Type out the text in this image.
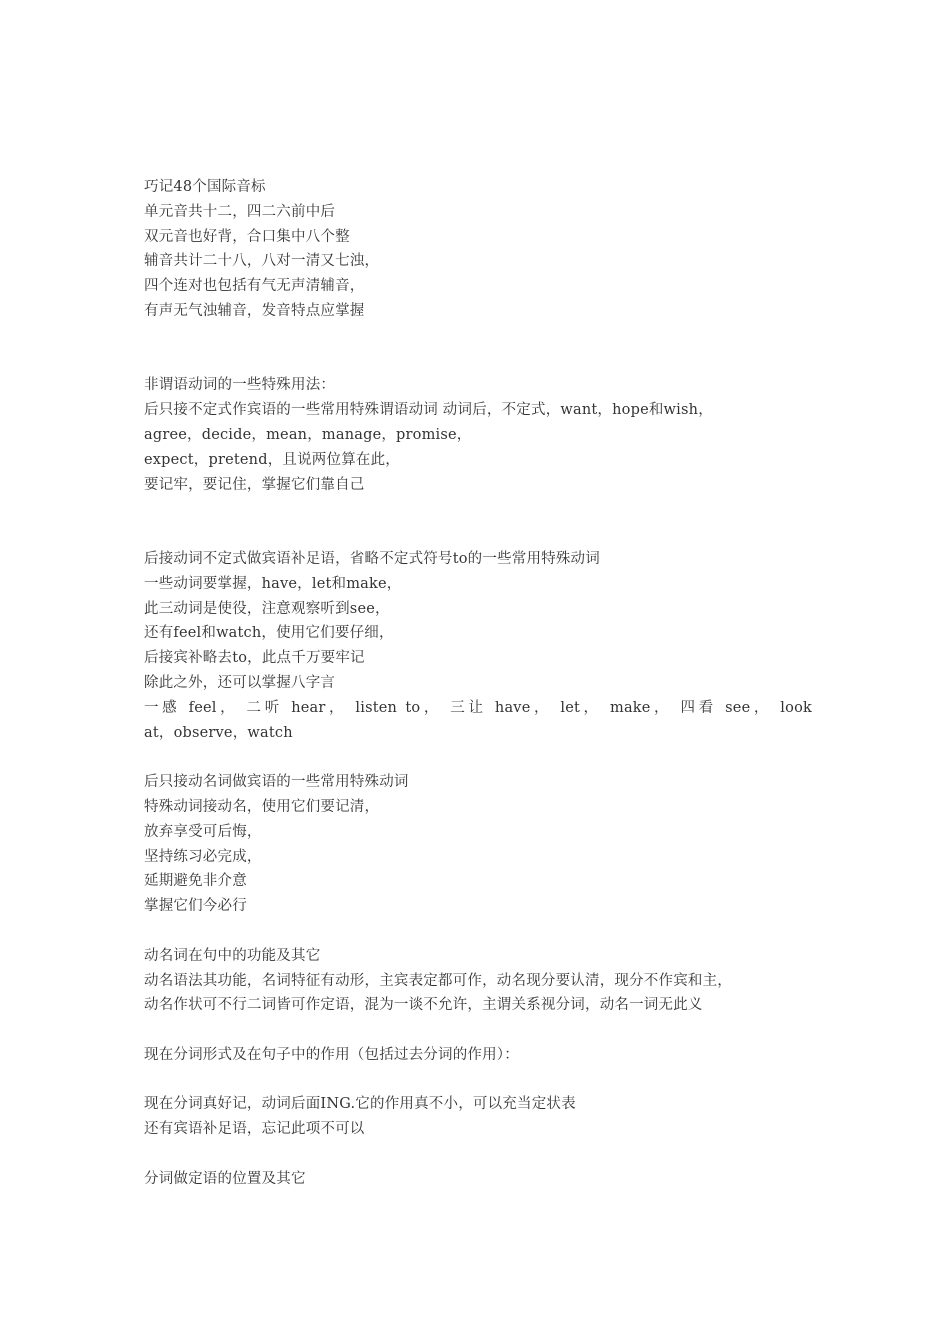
巧记48个国际音标
单元音共十二，四二六前中后
双元音也好背，合口集中八个整
辅音共计二十八，八对一清又七浊，
四个连对也包括有气无声清辅音，
有声无气浊辅音，发音特点应掌握
非谓语动词的一些特殊用法：
后只接不定式作宾语的一些常用特殊谓语动词 动词后，不定式，want，hope和wish，
agree，decide，mean，manage，promise，
expect，pretend，且说两位算在此，
要记牢，要记住，掌握它们靠自己
后接动词不定式做宾语补足语，省略不定式符号to的一些常用特殊动词
一些动词要掌握，have，let和make，
此三动词是使役，注意观察听到see，
还有feel和watch，使用它们要仔细，
后接宾补略去to，此点千万要牢记
除此之外，还可以掌握八字言
一感 feel， 二听 hear， listen to， 三让 have， let， make， 四看 see， look
at，observe，watch
后只接动名词做宾语的一些常用特殊动词
特殊动词接动名，使用它们要记清，
放弃享受可后悔，
坚持练习必完成，
延期避免非介意
掌握它们今必行
动名词在句中的功能及其它
动名语法其功能，名词特征有动形，主宾表定都可作，动名现分要认清，现分不作宾和主，
动名作状可不行二词皆可作定语，混为一谈不允许，主谓关系视分词，动名一词无此义
现在分词形式及在句子中的作用（包括过去分词的作用）：
现在分词真好记，动词后面ING.它的作用真不小，可以充当定状表
还有宾语补足语，忘记此项不可以
分词做定语的位置及其它
